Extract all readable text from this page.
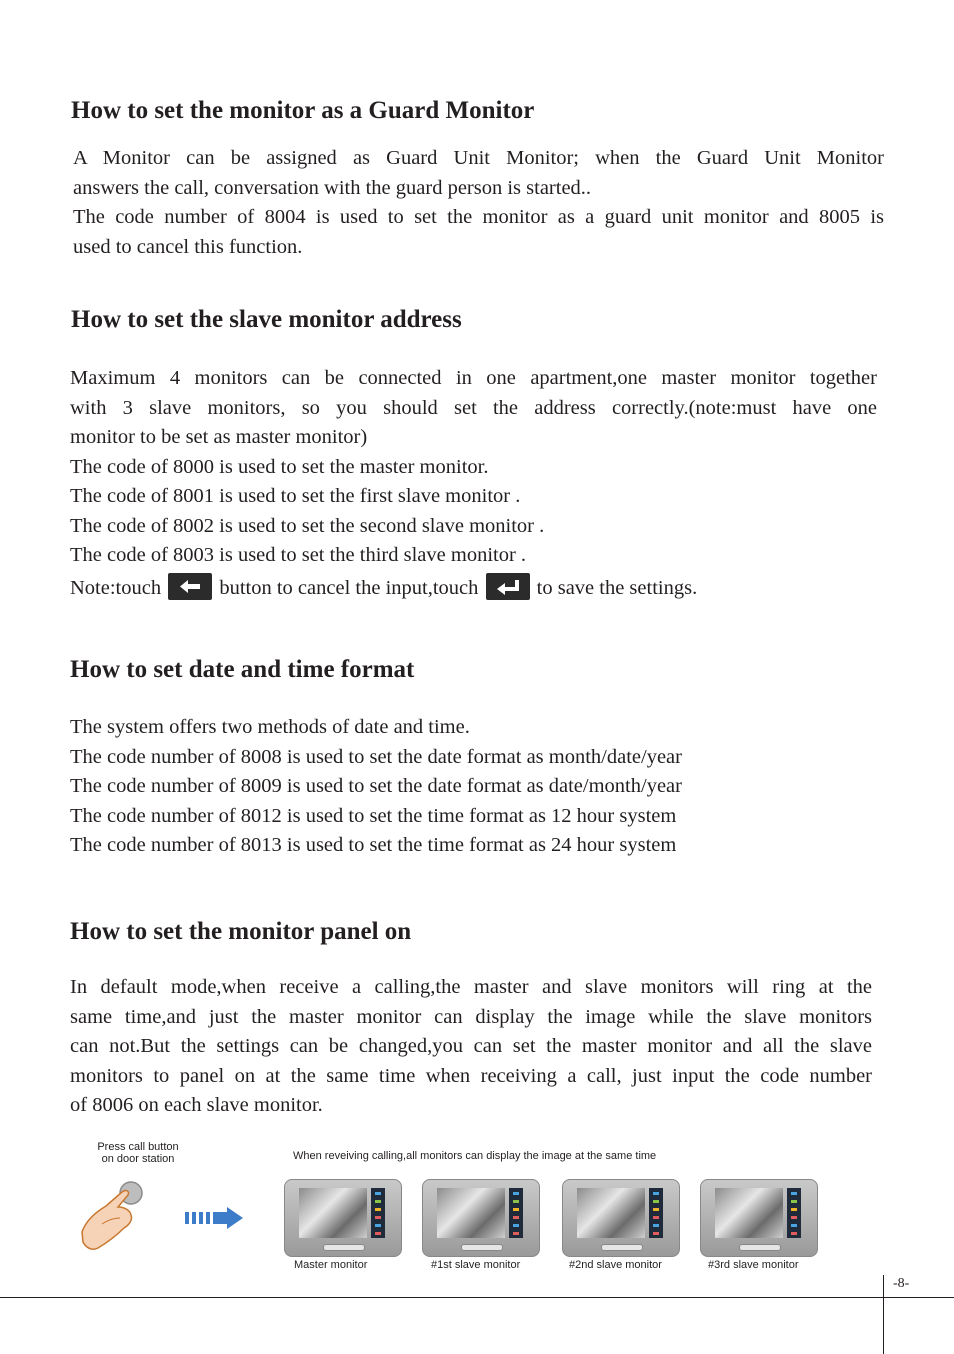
How to set the monitor as a Guard Monitor
A Monitor can be assigned as Guard Unit Monitor; when the Guard Unit Monitor
answers the call, conversation with the guard person is started..
The code number of 8004 is used to set the monitor as a guard unit monitor and 8005 is
used to cancel this function.
How to set the slave monitor address
Maximum 4 monitors can be connected in one apartment,one master monitor together
with 3 slave monitors, so you should set the address correctly.(note:must have one
monitor to be set as master monitor)
The code of 8000 is used to set the master monitor.
The code of 8001 is used to set the first slave monitor .
The code of 8002 is used to set the second slave monitor .
The code of 8003 is used to set the third slave monitor .
Note:touch	button to cancel the input,touch	to save the settings.
How to set date and time format
The system offers two methods of date and time.
The code number of 8008 is used to set the date format as month/date/year
The code number of 8009 is used to set the date format as date/month/year
The code number of 8012 is used to set the time format as 12 hour system
The code number of 8013 is used to set the time format as 24 hour system
How to set the monitor panel on
In default mode,when receive a calling,the master and slave monitors will ring at the
same time,and just the master monitor can display the image while the slave monitors
can not.But the settings can be changed,you can set the master monitor and all the slave
monitors to panel on at the same time when receiving a call, just input the code number
of 8006 on each slave monitor.
Press call button
on door station	When reveiving calling,all monitors can display the image at the same time
Master monitor	#1st slave monitor	#2nd slave monitor	#3rd slave monitor
-8-
